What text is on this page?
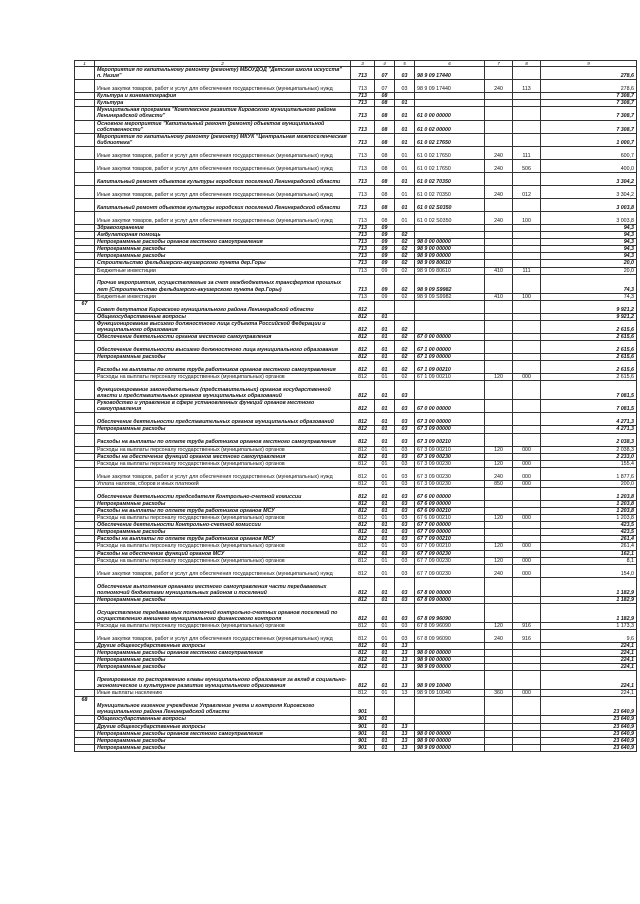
1	2	3	4	5	6	7	8	9
	Мероприятия по капитальному ремонту (ремонту) МБОУДОД "Детская школа искусств" п. Назия"	713	07	03	98 9 09 17440			278,6
	Иные закупки товаров, работ и услуг для обеспечения государственных (муниципальных) нужд	713	07	03	98 9 09 17440	240	113	278,6
	Культура и кинематография	713	08					7 308,7
	Культура	713	08	01				7 308,7
	Муниципальная программа "Комплексное развитие Кировского муниципального района Ленинградской области"	713	08	01	61 0 00 00000			7 308,7
	Основное мероприятие "Капитальный ремонт (ремонт) объектов муниципальной собственности"	713	08	01	61 0 02 00000			7 308,7
	Мероприятия по капитальному ремонту (ремонту) МКУК "Центральная межпоселенческая библиотека"	713	08	01	61 0 02 17650			1 000,7
	Иные закупки товаров, работ и услуг для обеспечения государственных (муниципальных) нужд	713	08	01	61 0 02 17650	240	111	600,7
	Иные закупки товаров, работ и услуг для обеспечения государственных (муниципальных) нужд	713	08	01	61 0 02 17650	240	506	400,0
	Капитальный ремонт объектов культуры городских поселений Ленинградской области	713	08	01	61 0 02 70350			3 304,2
	Иные закупки товаров, работ и услуг для обеспечения государственных (муниципальных) нужд	713	08	01	61 0 02 70350	240	012	3 304,2
	Капитальный ремонт объектов культуры городских поселений Ленинградской области	713	08	01	61 0 02 S0350			3 003,8
	Иные закупки товаров, работ и услуг для обеспечения государственных (муниципальных) нужд	713	08	01	61 0 02 S0350	240	100	3 003,8
	Здравоохранение	713	09					94,3
	Амбулаторная помощь	713	09	02				94,3
	Непрограммные расходы органов местного самоуправления	713	09	02	98 0 00 00000			94,3
	Непрограммные расходы	713	09	02	98 9 00 00000			94,3
	Непрограммные расходы	713	09	02	98 9 09 00000			94,3
	Строительство фельдшерско-акушерского пункта дер.Горы	713	09	02	98 9 09 80610			20,0
	Бюджетные инвестиции	713	09	02	98 9 09 80610	410	111	20,0
	Прочие мероприятия, осуществляемые за счет межбюджетных трансфертов прошлых лет (Строительство фельдшерско-акушерского пункта дер.Горы)	713	09	02	98 9 09 S9982			74,3
	Бюджетные инвестиции	713	09	02	98 9 09 S9982	410	100	74,3
67	Совет депутатов Кировского муниципального района Ленинградской области	812						9 921,2
	Общегосударственные вопросы	812	01					9 921,2
	Функционирование высшего должностного лица субъекта Российской Федерации и муниципального образования	812	01	02				2 615,6
	Обеспечение деятельности органов местного самоуправления	812	01	02	67 0 00 00000			2 615,6
	Обеспечение деятельности высшего должностного лица муниципального образования	812	01	02	67 1 00 00000			2 615,6
	Непрограммные расходы	812	01	02	67 1 09 00000			2 615,6
	Расходы на выплаты по оплате труда работников органов местного самоуправления	812	01	02	67 1 09 00210			2 615,6
	Расходы на выплаты персоналу государственных (муниципальных) органов	812	01	02	67 1 09 00210	120	000	2 615,6
	Функционирование законодательных (представительных) органов государственной власти и представительных органов муниципальных образований	812	01	03				7 081,5
	Руководство и управление в сфере установленных функций органов местного самоуправления	812	01	03	67 0 00 00000			7 081,5
	Обеспечение деятельности представительных органов муниципальных образований	812	01	03	67 3 00 00000			4 271,3
	Непрограммные расходы	812	01	03	67 3 09 00000			4 271,3
	Расходы на выплаты по оплате труда работников органов местного самоуправления	812	01	03	67 3 09 00210			2 038,3
	Расходы на выплаты персоналу государственных (муниципальных) органов	812	01	03	67 3 09 00210	120	000	2 038,3
	Расходы на обеспечение функций органов местного самоуправления	812	01	03	67 3 09 00230			2 233,0
	Расходы на выплаты персоналу государственных (муниципальных) органов	812	01	03	67 3 09 00230	120	000	155,4
	Иные закупки товаров, работ и услуг для обеспечения государственных (муниципальных) нужд	812	01	03	67 3 09 00230	240	000	1 877,6
	Уплата налогов, сборов и иных платежей	812	01	03	67 3 09 00230	850	000	200,0
	Обеспечение деятельности председателя Контрольно-счетной комиссии	812	01	03	67 6 00 00000			1 203,8
	Непрограммные расходы	812	01	03	67 6 09 00000			1 203,8
	Расходы на выплаты по оплате труда работников органов МСУ	812	01	03	67 6 09 00210			1 203,8
	Расходы на выплаты персоналу государственных (муниципальных) органов	812	01	03	67 6 09 00210	120	000	1 203,8
	Обеспечение деятельности Контрольно-счетной комиссии	812	01	03	67 7 00 00000			423,5
	Непрограммные расходы	812	01	03	67 7 09 00000			423,5
	Расходы на выплаты по оплате труда работников органов МСУ	812	01	03	67 7 09 00210			261,4
	Расходы на выплаты персоналу государственных (муниципальных) органов	812	01	03	67 7 09 00210	120	000	261,4
	Расходы на обеспечение функций органов МСУ	812	01	03	67 7 09 00230			162,1
	Расходы на выплаты персоналу государственных (муниципальных) органов	812	01	03	67 7 09 00230	120	000	8,1
	Иные закупки товаров, работ и услуг для обеспечения государственных (муниципальных) нужд	812	01	03	67 7 09 00230	240	000	154,0
	Обеспечение выполнения органами местного самоуправления части передаваемых полномочий бюджетами муниципальных районов и поселений	812	01	03	67 8 00 00000			1 182,9
	Непрограммные расходы	812	01	03	67 8 09 00000			1 182,9
	Осуществление передаваемых полномочий контрольно-счетных органов поселений по осуществлению внешнего муниципального финансового контроля	812	01	03	67 8 09 96090			1 182,9
	Расходы на выплаты персоналу государственных (муниципальных) органов	812	01	03	67 8 09 96090	120	916	1 173,3
	Иные закупки товаров, работ и услуг для обеспечения государственных (муниципальных) нужд	812	01	03	67 8 09 96090	240	916	9,6
	Другие общегосударственные вопросы	812	01	13				224,1
	Непрограммные расходы органов местного самоуправления	812	01	13	98 0 00 00000			224,1
	Непрограммные расходы	812	01	13	98 9 00 00000			224,1
	Непрограммные расходы	812	01	13	98 9 09 00000			224,1
	Премирование по распоряжению главы муниципального образования за вклад в социально-экономическое и культурное развитие муниципального образования	812	01	13	98 9 09 10040			224,1
	Иные выплаты населению	812	01	13	98 9 09 10040	360	000	224,1
68	Муниципальное казенное учреждение Управление учета и контроля Кировского муниципального района Ленинградской области	901						23 640,9
	Общегосударственные вопросы	901	01					23 640,9
	Другие общегосударственные вопросы	901	01	13				23 640,9
	Непрограммные расходы органов местного самоуправления	901	01	13	98 0 00 00000			23 640,9
	Непрограммные расходы	901	01	13	98 9 00 00000			23 640,9
	Непрограммные расходы	901	01	13	98 9 09 00000			23 640,9
